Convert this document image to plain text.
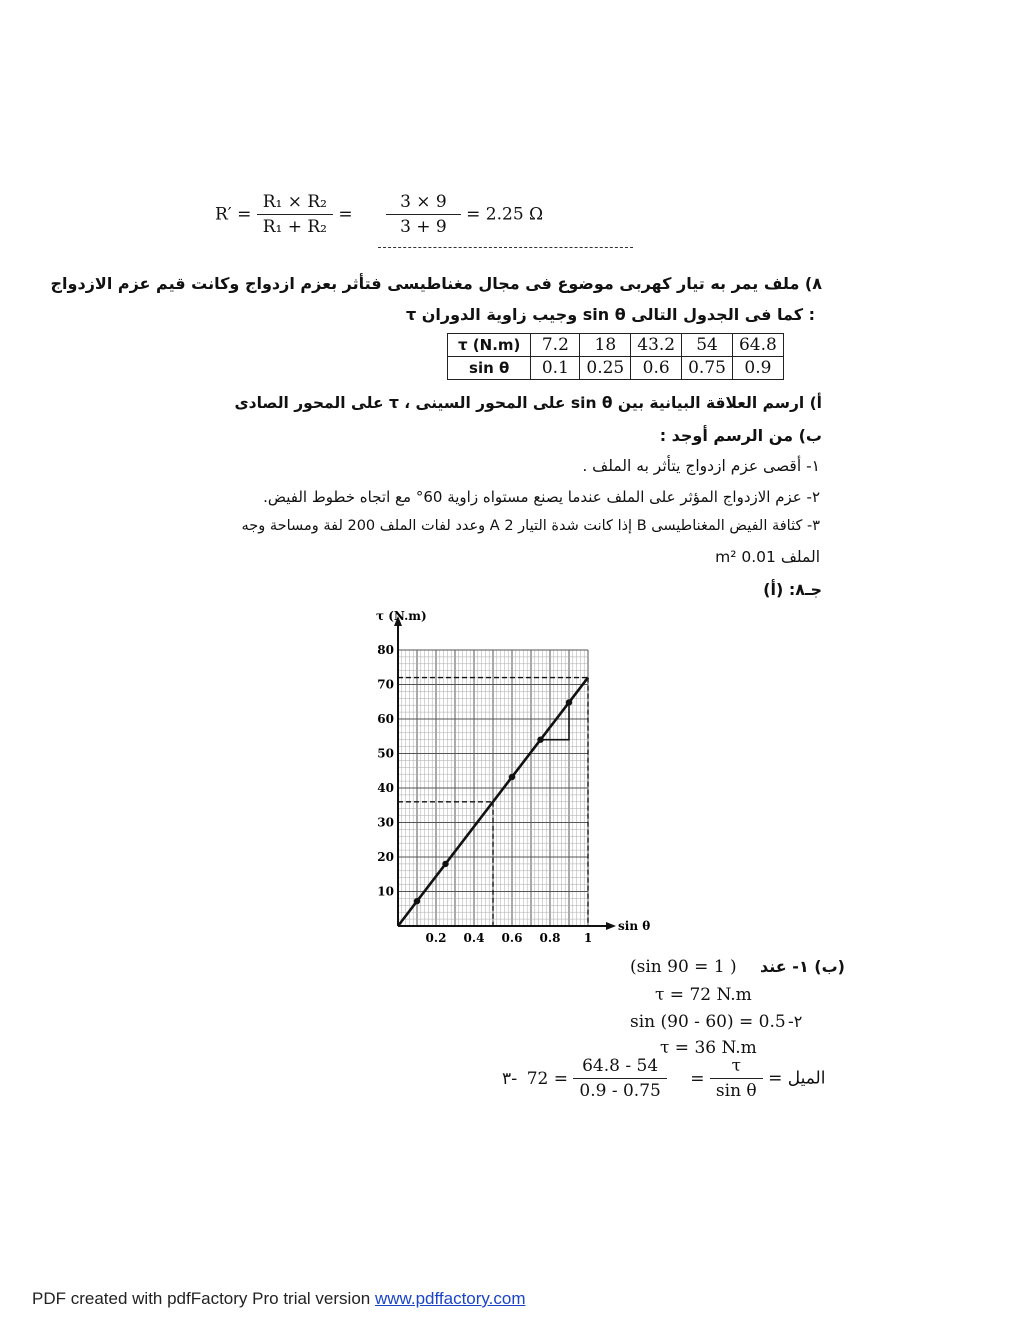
$R' = \frac{\text{R₁ × R₂}}{\text{R₁ + R₂}} = \frac{3 \times 9}{3 + 9} = 2.25$ Ω
٨) ملف يمر به تيار كهربى موضوع فى مجال مغناطيسى فتأثر بعزم ازدواج وكانت قيم عزم الازدواج
τ وجيب زاوية الدوران sin θ كما فى الجدول التالى :
τ (N.m)	7.2	18	43.2	54	64.8
sin θ	0.1	0.25	0.6	0.75	0.9
أ) ارسم العلاقة البيانية بين sin θ على المحور السينى ، τ على المحور الصادى
ب) من الرسم أوجد :
١- أقصى عزم ازدواج يتأثر به الملف .
٢- عزم الازدواج المؤثر على الملف عندما يصنع مستواه زاوية 60° مع اتجاه خطوط الفيض.
٣- كثافة الفيض المغناطيسى B إذا كانت شدة التيار 2 A وعدد لفات الملف 200 لفة ومساحة وجه
الملف 0.01 m²
جـ٨: (أ)
τ (N.m)
sin θ
10
20
30
40
50
60
70
80
0.2 0.4 0.6 0.8 1
(ب) ١- عند
(sin 90 = 1 )
τ = 72 N.m
sin (90 - 60) = 0.5 -٢
τ = 36 N.m
الميل =
$\frac{\tau}{\text{sin θ}}$
=
$\frac{64.8 - 54}{0.9 - 0.75}$
= 72 -٣
PDF created with pdfFactory Pro trial version www.pdffactory.com
